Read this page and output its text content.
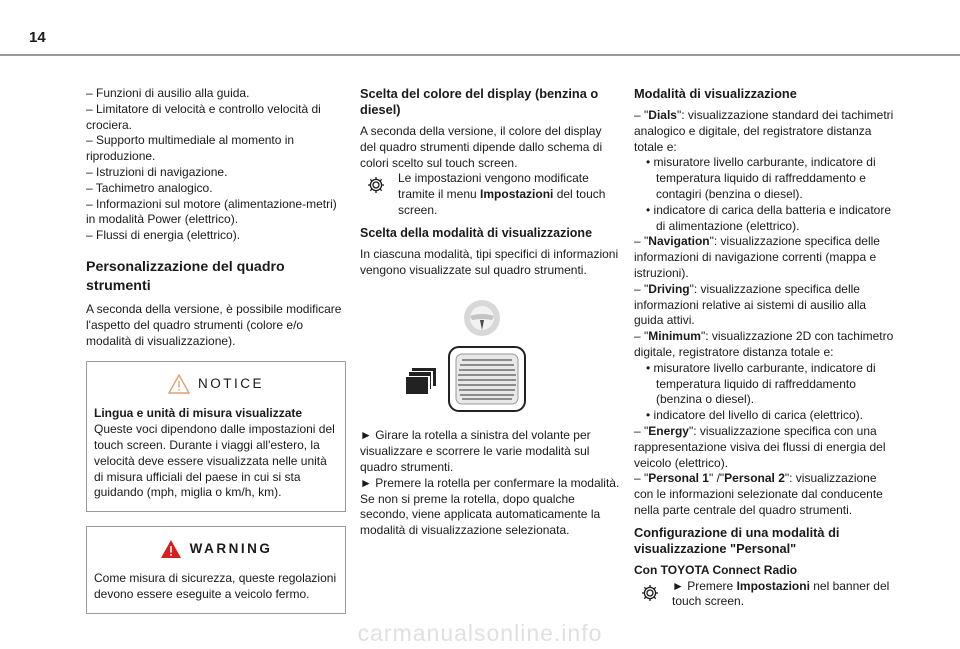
14

– Funzioni di ausilio alla guida.

– Limitatore di velocità e controllo velocità di crociera.

– Supporto multimediale al momento in riproduzione.

– Istruzioni di navigazione.

– Tachimetro analogico.

– Informazioni sul motore (alimentazione-metri) in modalità Power (elettrico).

– Flussi di energia (elettrico).

Personalizzazione del quadro strumenti

A seconda della versione, è possibile modificare l'aspetto del quadro strumenti (colore e/o modalità di visualizzazione).

NOTICE
Lingua e unità di misura visualizzate
Queste voci dipendono dalle impostazioni del touch screen. Durante i viaggi all'estero, la velocità deve essere visualizzata nelle unità di misura ufficiali del paese in cui si sta guidando (mph, miglia o km/h, km).
WARNING
Come misura di sicurezza, queste regolazioni devono essere eseguite a veicolo fermo.
Scelta del colore del display (benzina o diesel)

A seconda della versione, il colore del display del quadro strumenti dipende dallo schema di colori scelto sul touch screen.

Le impostazioni vengono modificate tramite il menu Impostazioni del touch screen.

Scelta della modalità di visualizzazione

In ciascuna modalità, tipi specifici di informazioni vengono visualizzate sul quadro strumenti.

► Girare la rotella a sinistra del volante per visualizzare e scorrere le varie modalità sul quadro strumenti.

► Premere la rotella per confermare la modalità.

Se non si preme la rotella, dopo qualche secondo, viene applicata automaticamente la modalità di visualizzazione selezionata.

Modalità di visualizzazione

– "Dials": visualizzazione standard dei tachimetri analogico e digitale, del registratore distanza totale e:

• misuratore livello carburante, indicatore di temperatura liquido di raffreddamento e contagiri (benzina o diesel).

• indicatore di carica della batteria e indicatore di alimentazione (elettrico).

– "Navigation": visualizzazione specifica delle informazioni di navigazione correnti (mappa e istruzioni).

– "Driving": visualizzazione specifica delle informazioni relative ai sistemi di ausilio alla guida attivi.

– "Minimum": visualizzazione 2D con tachimetro digitale, registratore distanza totale e:

• misuratore livello carburante, indicatore di temperatura liquido di raffreddamento (benzina o diesel).

• indicatore del livello di carica (elettrico).

– "Energy": visualizzazione specifica con una rappresentazione visiva dei flussi di energia del veicolo (elettrico).

– "Personal 1" /"Personal 2": visualizzazione con le informazioni selezionate dal conducente nella parte centrale del quadro strumenti.

Configurazione di una modalità di visualizzazione "Personal"

Con TOYOTA Connect Radio

► Premere Impostazioni nel banner del touch screen.

carmanualsonline.info
